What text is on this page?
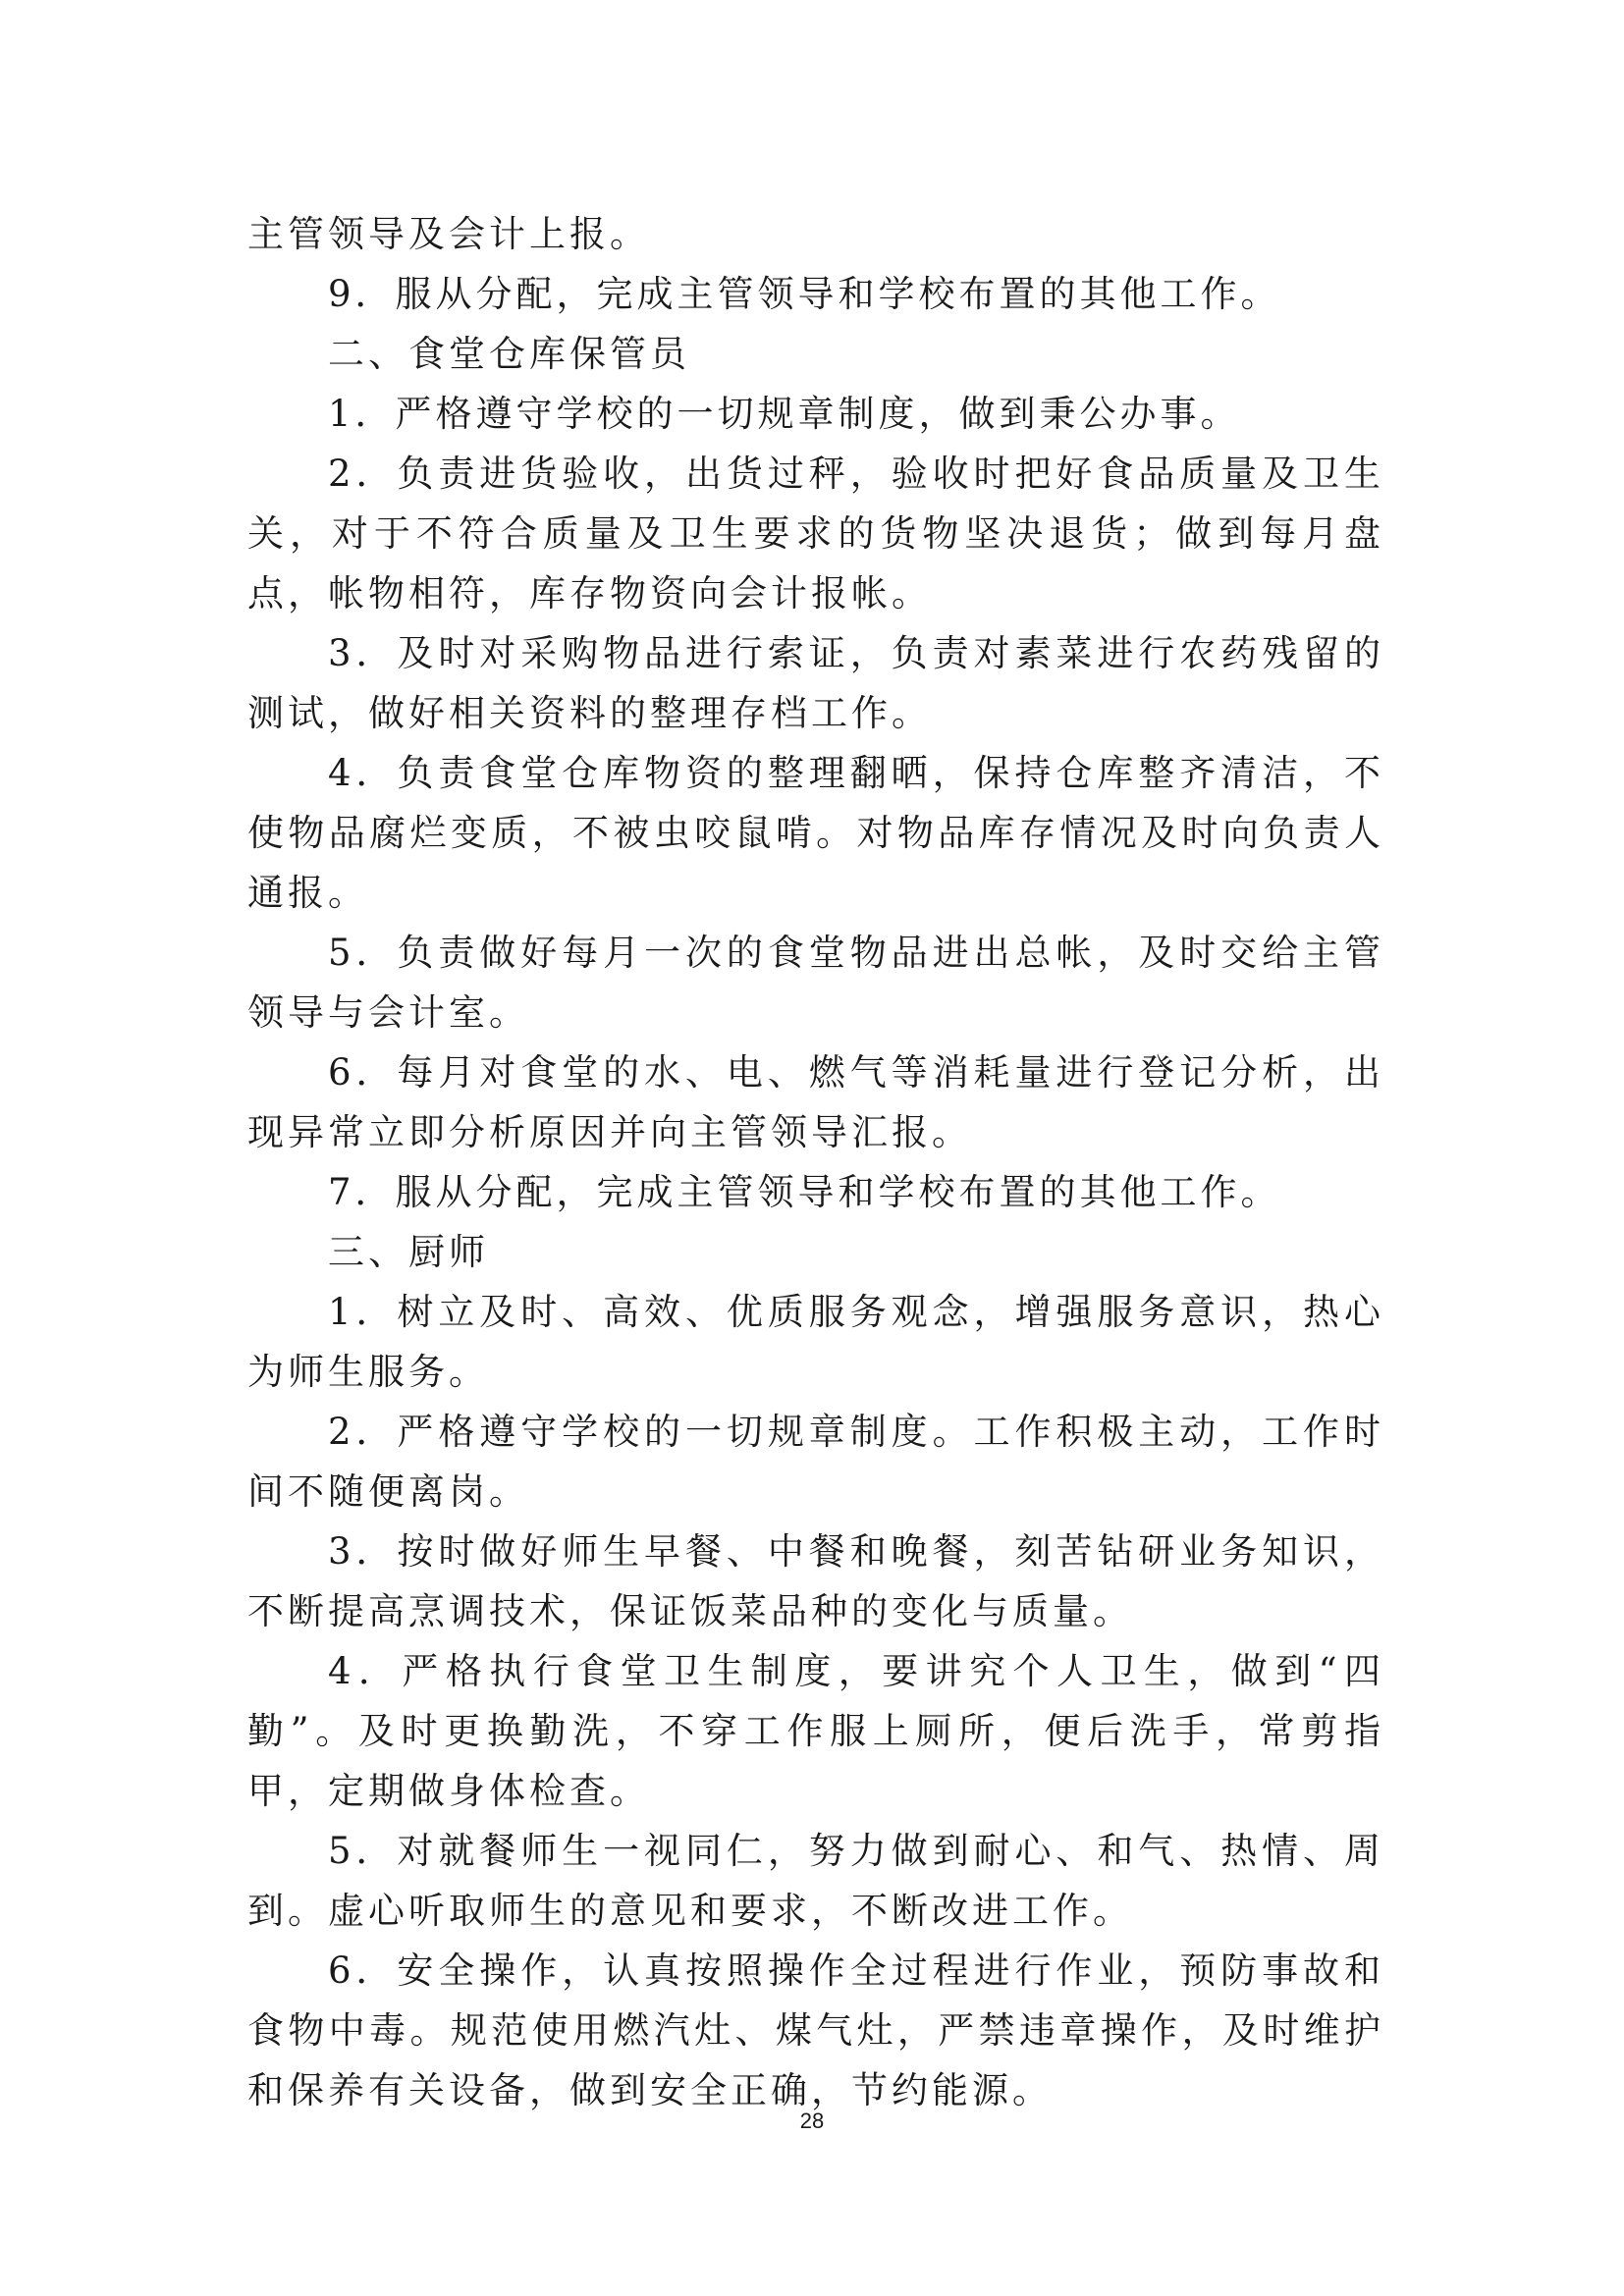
主管领导及会计上报。

9．服从分配，完成主管领导和学校布置的其他工作。

二、食堂仓库保管员

1．严格遵守学校的一切规章制度，做到秉公办事。

2．负责进货验收，出货过秤，验收时把好食品质量及卫生关，对于不符合质量及卫生要求的货物坚决退货；做到每月盘点，帐物相符，库存物资向会计报帐。

3．及时对采购物品进行索证，负责对素菜进行农药残留的测试，做好相关资料的整理存档工作。

4．负责食堂仓库物资的整理翻晒，保持仓库整齐清洁，不使物品腐烂变质，不被虫咬鼠啃。对物品库存情况及时向负责人通报。

5．负责做好每月一次的食堂物品进出总帐，及时交给主管领导与会计室。

6．每月对食堂的水、电、燃气等消耗量进行登记分析，出现异常立即分析原因并向主管领导汇报。

7．服从分配，完成主管领导和学校布置的其他工作。

三、厨师

1．树立及时、高效、优质服务观念，增强服务意识，热心为师生服务。

2．严格遵守学校的一切规章制度。工作积极主动，工作时间不随便离岗。

3．按时做好师生早餐、中餐和晚餐，刻苦钻研业务知识，不断提高烹调技术，保证饭菜品种的变化与质量。

4．严格执行食堂卫生制度，要讲究个人卫生，做到“四勤”。及时更换勤洗，不穿工作服上厕所，便后洗手，常剪指甲，定期做身体检查。

5．对就餐师生一视同仁，努力做到耐心、和气、热情、周到。虚心听取师生的意见和要求，不断改进工作。

6．安全操作，认真按照操作全过程进行作业，预防事故和食物中毒。规范使用燃汽灶、煤气灶，严禁违章操作，及时维护和保养有关设备，做到安全正确，节约能源。

28
